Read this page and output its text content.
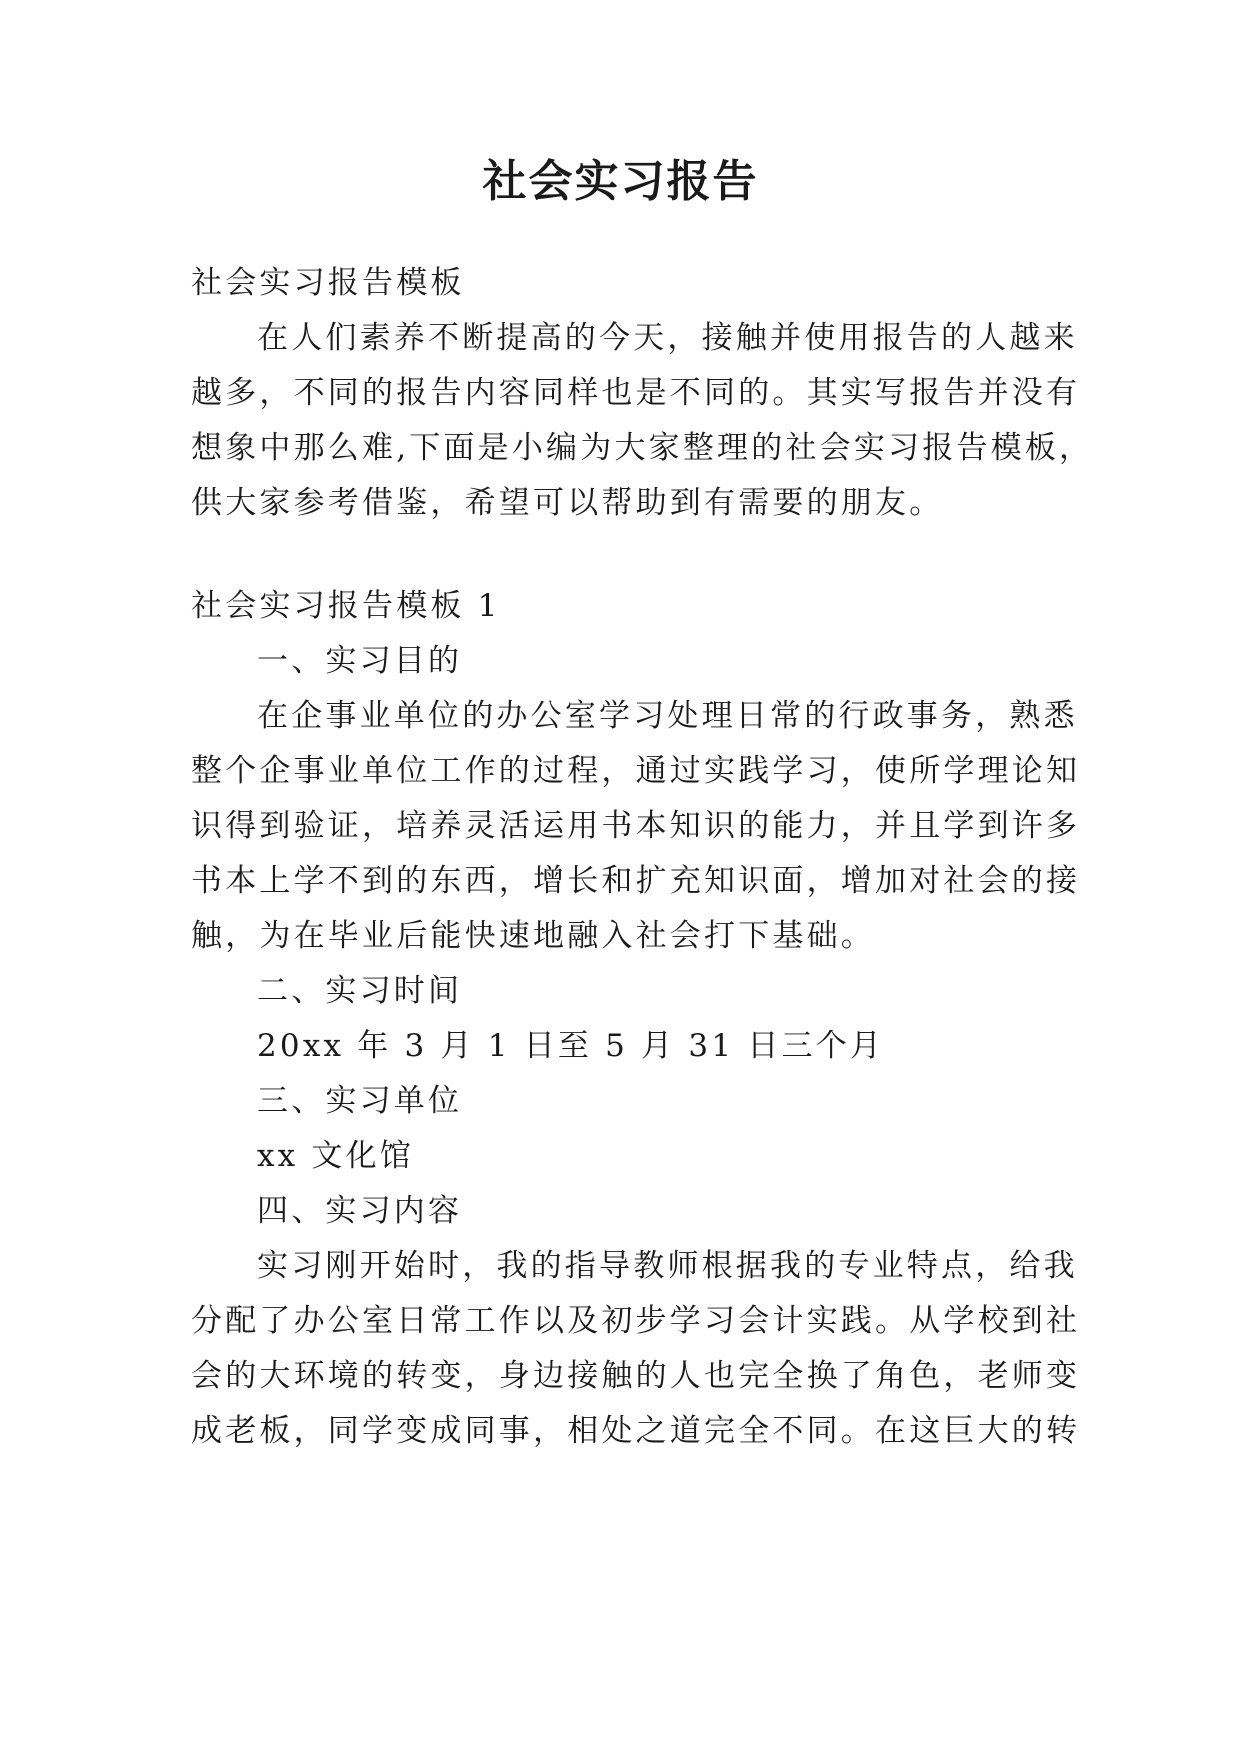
社会实习报告
社会实习报告模板
在人们素养不断提高的今天，接触并使用报告的人越来
越多，不同的报告内容同样也是不同的。其实写报告并没有
想象中那么难,下面是小编为大家整理的社会实习报告模板，
供大家参考借鉴，希望可以帮助到有需要的朋友。
社会实习报告模板 1
一、实习目的
在企事业单位的办公室学习处理日常的行政事务，熟悉
整个企事业单位工作的过程，通过实践学习，使所学理论知
识得到验证，培养灵活运用书本知识的能力，并且学到许多
书本上学不到的东西，增长和扩充知识面，增加对社会的接
触，为在毕业后能快速地融入社会打下基础。
二、实习时间
20xx 年 3 月 1 日至 5 月 31 日三个月
三、实习单位
xx 文化馆
四、实习内容
实习刚开始时，我的指导教师根据我的专业特点，给我
分配了办公室日常工作以及初步学习会计实践。从学校到社
会的大环境的转变，身边接触的人也完全换了角色，老师变
成老板，同学变成同事，相处之道完全不同。在这巨大的转
